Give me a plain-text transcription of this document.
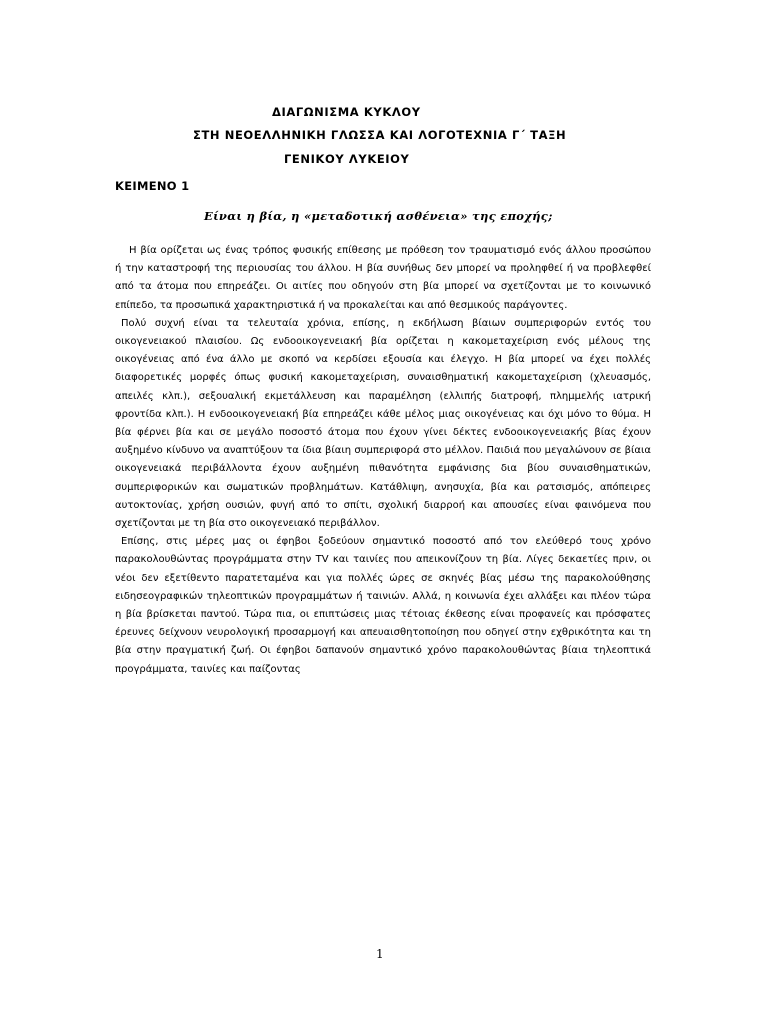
ΔΙΑΓΩΝΙΣΜΑ ΚΥΚΛΟΥ
ΣΤΗ ΝΕΟΕΛΛΗΝΙΚΗ ΓΛΩΣΣΑ ΚΑΙ ΛΟΓΟΤΕΧΝΙΑ Γ΄ ΤΑΞΗ
ΓΕΝΙΚΟΥ ΛΥΚΕΙΟΥ
ΚΕΙΜΕΝΟ 1
Είναι η βία, η «μεταδοτική ασθένεια» της εποχής;

Η βία ορίζεται ως ένας τρόπος φυσικής επίθεσης με πρόθεση τον τραυματισμό ενός άλλου προσώπου ή την καταστροφή της περιουσίας του άλλου. Η βία συνήθως δεν μπορεί να προληφθεί ή να προβλεφθεί από τα άτομα που επηρεάζει. Οι αιτίες που οδηγούν στη βία μπορεί να σχετίζονται με το κοινωνικό επίπεδο, τα προσωπικά χαρακτηριστικά ή να προκαλείται και από θεσμικούς παράγοντες.

Πολύ συχνή είναι τα τελευταία χρόνια, επίσης, η εκδήλωση βίαιων συμπεριφορών εντός του οικογενειακού πλαισίου. Ως ενδοοικογενειακή βία ορίζεται η κακομεταχείριση ενός μέλους της οικογένειας από ένα άλλο με σκοπό να κερδίσει εξουσία και έλεγχο. Η βία μπορεί να έχει πολλές διαφορετικές μορφές όπως φυσική κακομεταχείριση, συναισθηματική κακομεταχείριση (χλευασμός, απειλές κλπ.), σεξουαλική εκμετάλλευση και παραμέληση (ελλιπής διατροφή, πλημμελής ιατρική φροντίδα κλπ.). Η ενδοοικογενειακή βία επηρεάζει κάθε μέλος μιας οικογένειας και όχι μόνο το θύμα. Η βία φέρνει βία και σε μεγάλο ποσοστό άτομα που έχουν γίνει δέκτες ενδοοικογενειακής βίας έχουν αυξημένο κίνδυνο να αναπτύξουν τα ίδια βίαιη συμπεριφορά στο μέλλον. Παιδιά που μεγαλώνουν σε βίαια οικογενειακά περιβάλλοντα έχουν αυξημένη πιθανότητα εμφάνισης δια βίου συναισθηματικών, συμπεριφορικών και σωματικών προβλημάτων. Κατάθλιψη, ανησυχία, βία και ρατσισμός, απόπειρες αυτοκτονίας, χρήση ουσιών, φυγή από το σπίτι, σχολική διαρροή και απουσίες είναι φαινόμενα που σχετίζονται με τη βία στο οικογενειακό περιβάλλον.

Επίσης, στις μέρες μας οι έφηβοι ξοδεύουν σημαντικό ποσοστό από τον ελεύθερό τους χρόνο παρακολουθώντας προγράμματα στην TV και ταινίες που απεικονίζουν τη βία. Λίγες δεκαετίες πριν, οι νέοι δεν εξετίθεντο παρατεταμένα και για πολλές ώρες σε σκηνές βίας μέσω της παρακολούθησης ειδησεογραφικών τηλεοπτικών προγραμμάτων ή ταινιών. Αλλά, η κοινωνία έχει αλλάξει και πλέον τώρα η βία βρίσκεται παντού. Τώρα πια, οι επιπτώσεις μιας τέτοιας έκθεσης είναι προφανείς και πρόσφατες έρευνες δείχνουν νευρολογική προσαρμογή και απευαισθητοποίηση που οδηγεί στην εχθρικότητα και τη βία στην πραγματική ζωή. Οι έφηβοι δαπανούν σημαντικό χρόνο παρακολουθώντας βίαια τηλεοπτικά προγράμματα, ταινίες και παίζοντας

1
